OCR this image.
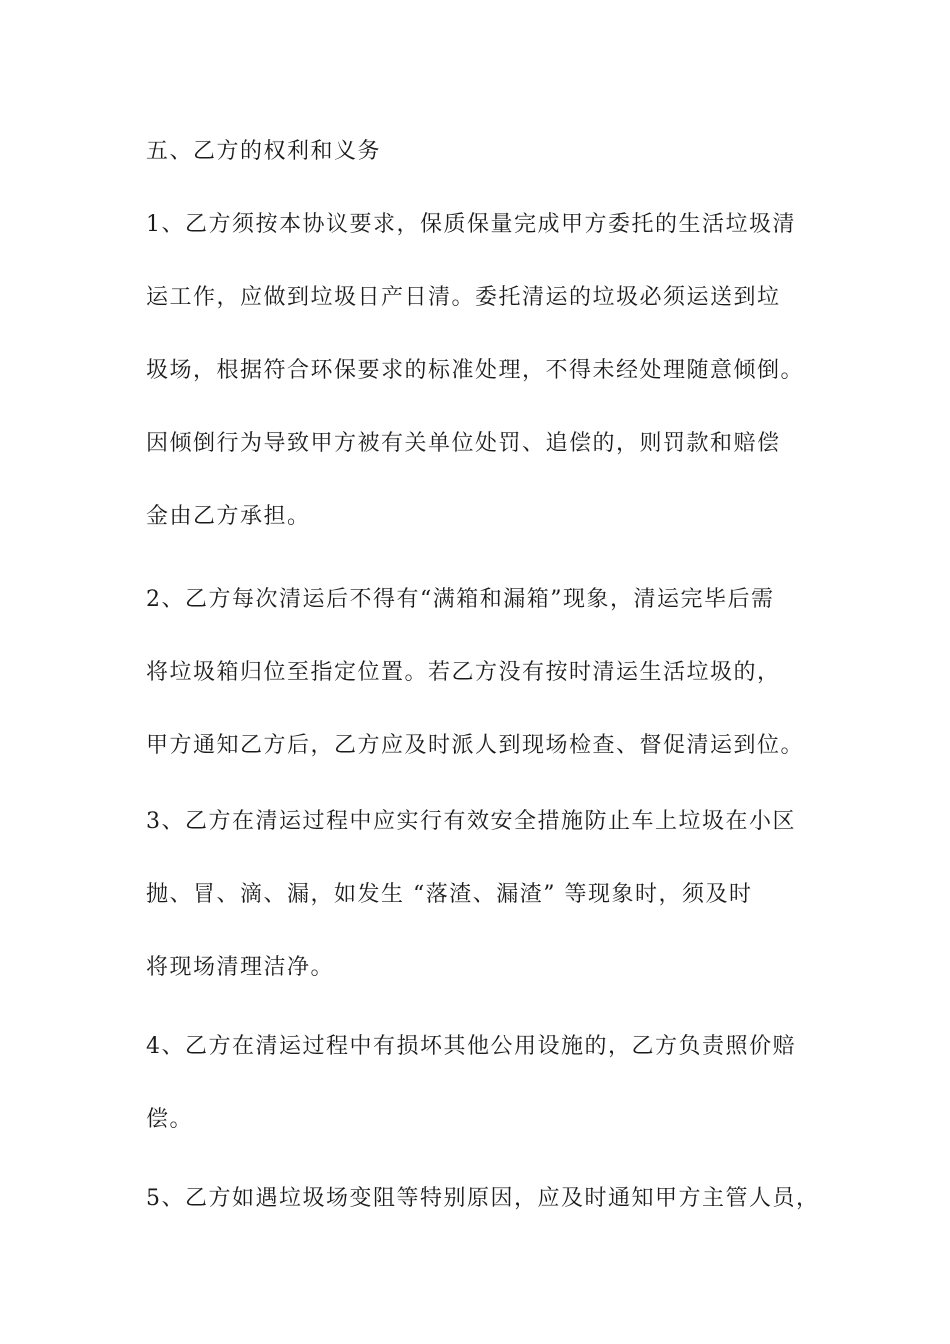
五、乙方的权利和义务

1、乙方须按本协议要求，保质保量完成甲方委托的生活垃圾清

运工作，应做到垃圾日产日清。委托清运的垃圾必须运送到垃

圾场，根据符合环保要求的标准处理，不得未经处理随意倾倒。

因倾倒行为导致甲方被有关单位处罚、追偿的，则罚款和赔偿

金由乙方承担。

2、乙方每次清运后不得有“满箱和漏箱”现象，清运完毕后需

将垃圾箱归位至指定位置。若乙方没有按时清运生活垃圾的，

甲方通知乙方后，乙方应及时派人到现场检查、督促清运到位。

3、乙方在清运过程中应实行有效安全措施防止车上垃圾在小区

抛、冒、滴、漏，如发生 “落渣、漏渣” 等现象时，须及时

将现场清理洁净。

4、乙方在清运过程中有损坏其他公用设施的，乙方负责照价赔

偿。

5、乙方如遇垃圾场变阻等特别原因，应及时通知甲方主管人员，
